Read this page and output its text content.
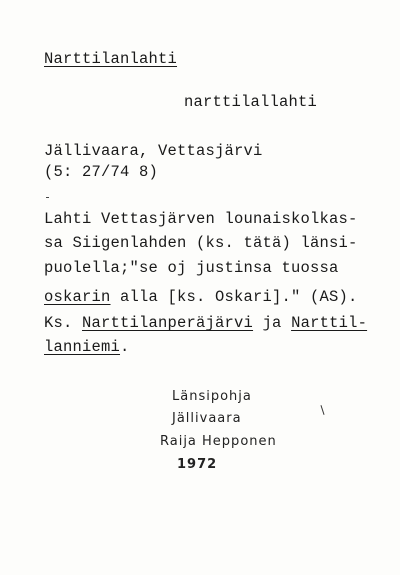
Narttilanlahti
narttilallahti
Jällivaara, Vettasjärvi
(5: 27/74 8)
Lahti Vettasjärven lounaiskolkas-
sa Siigenlahden (ks. tätä) länsi-
puolella;"se oj justinsa tuossa
oskarin alla [ks. Oskari]." (AS).
Ks. Narttilanperäjärvi ja Narttil-
lanniemi.
Länsipohja
Jällivaara
Raija Hepponen
1972
